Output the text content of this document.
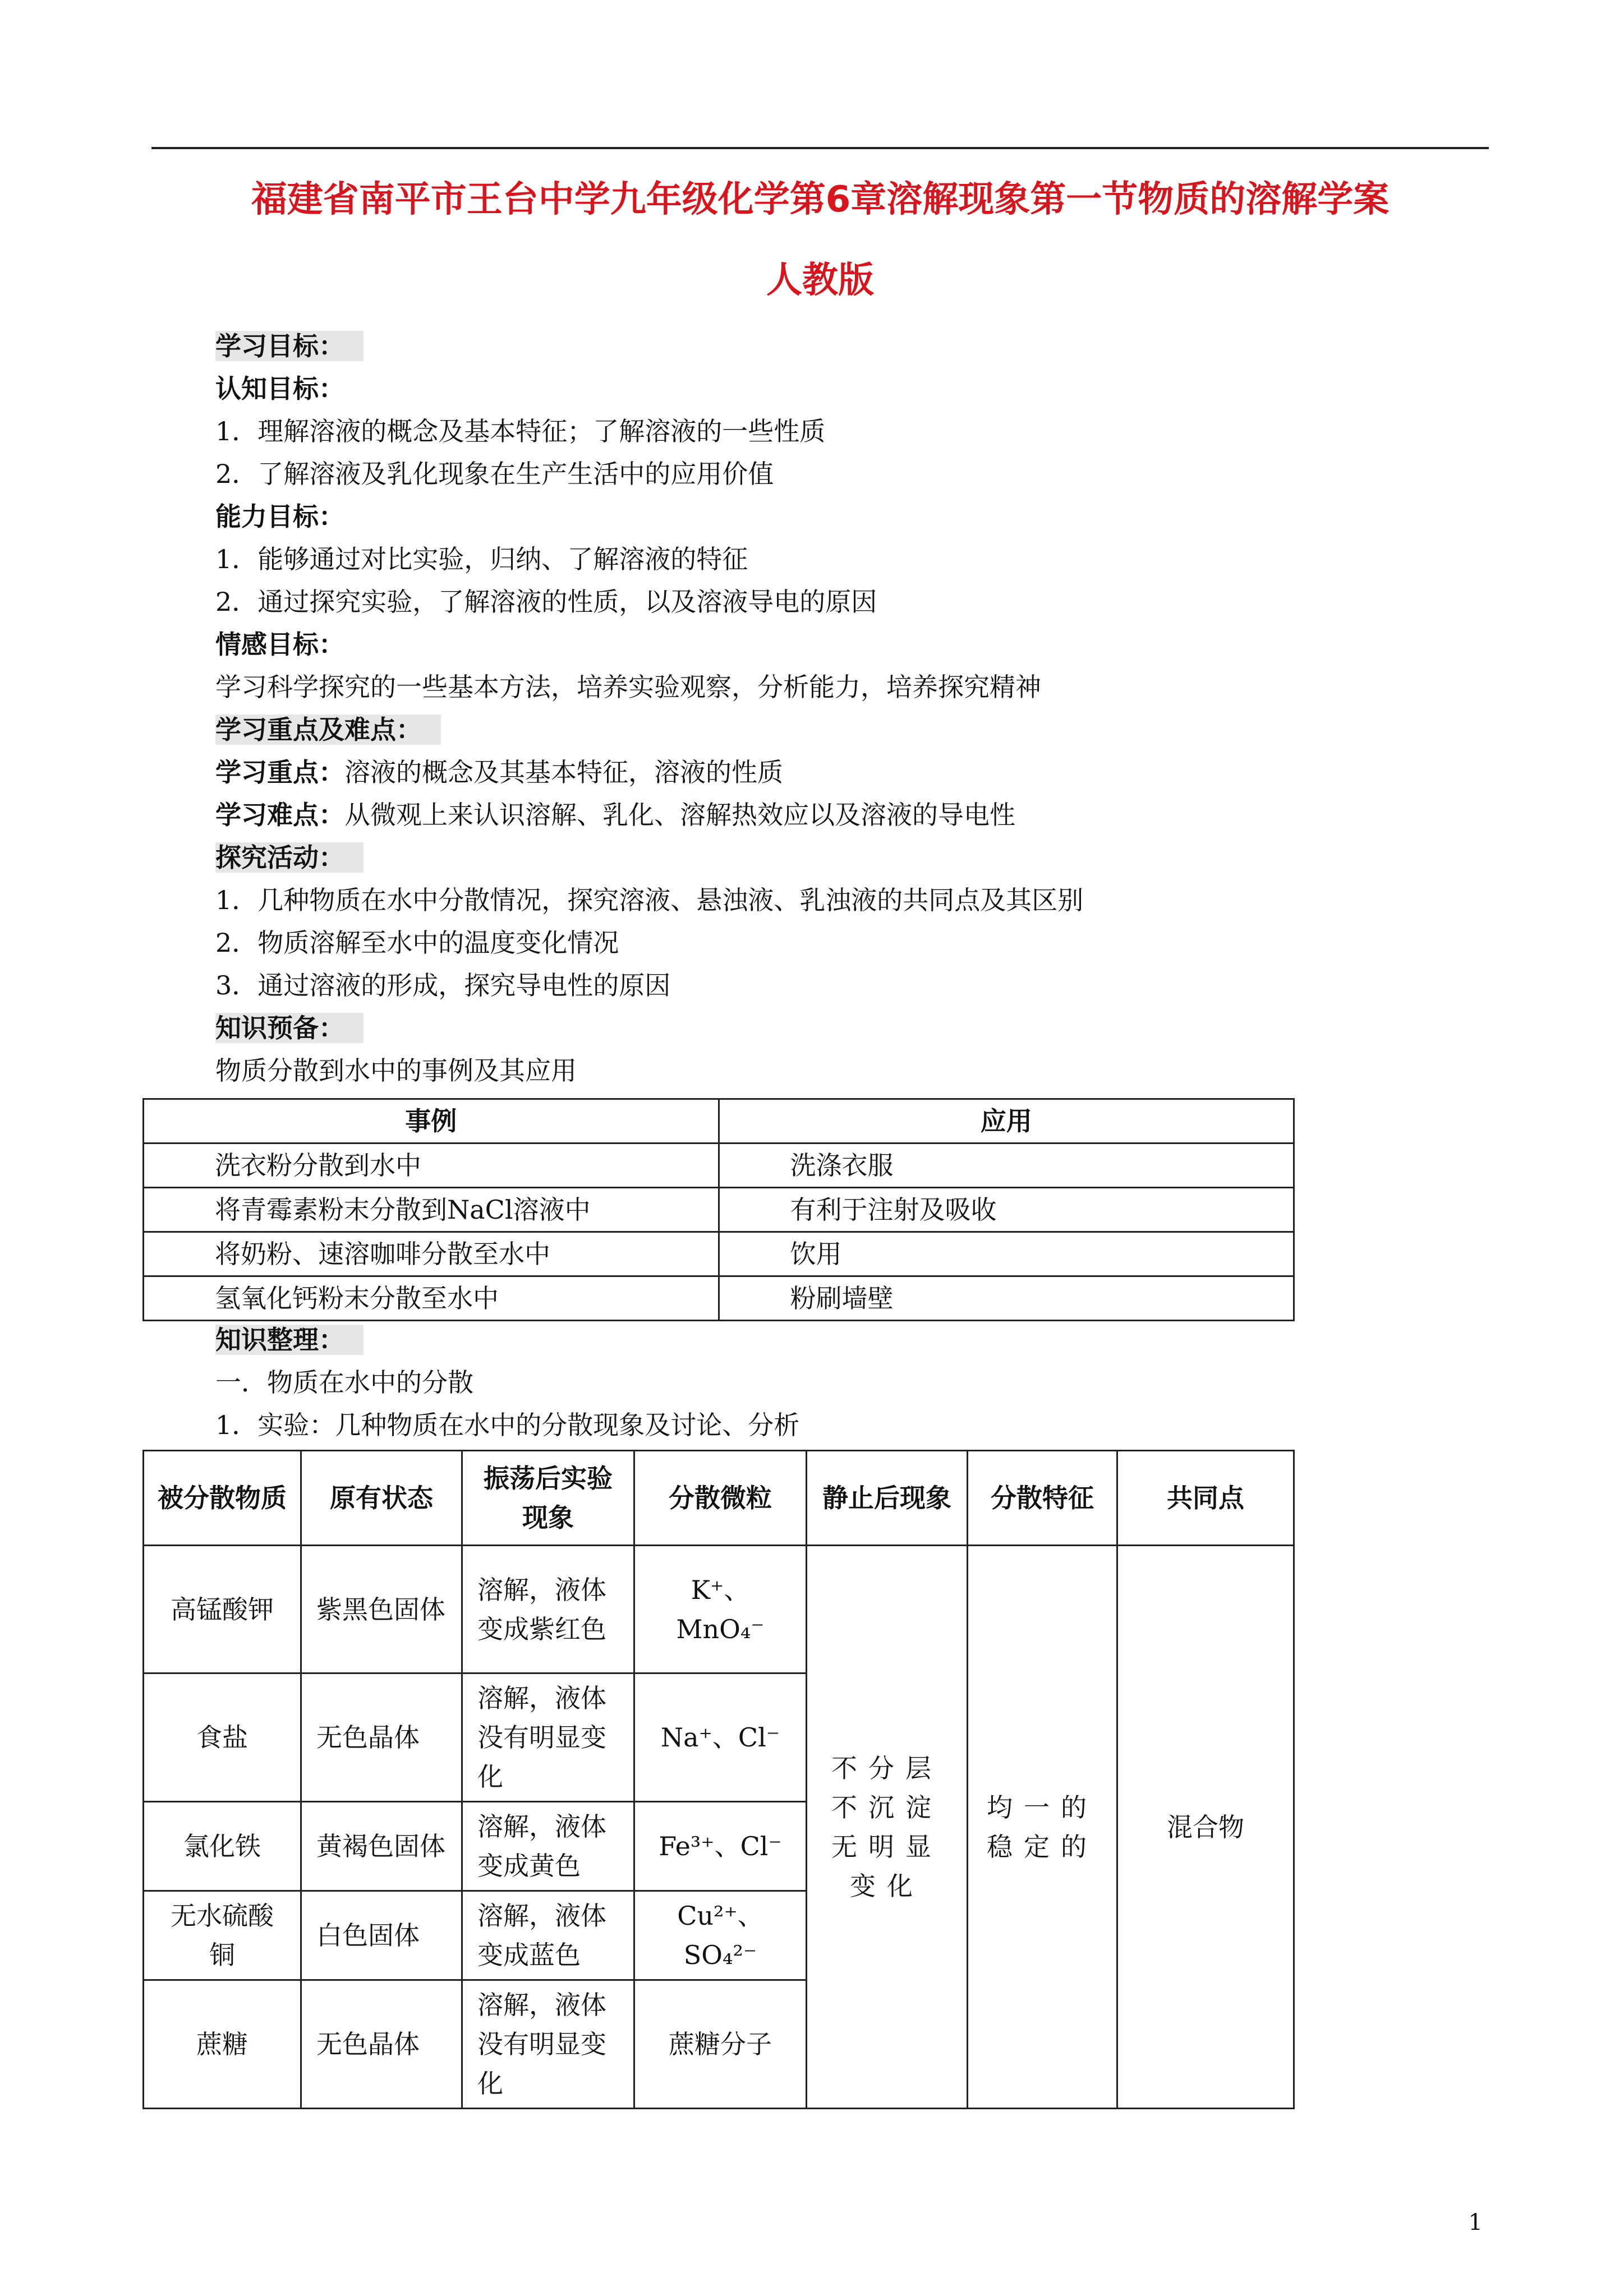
福建省南平市王台中学九年级化学第6章溶解现象第一节物质的溶解学案
人教版
学习目标：
认知目标：
1．理解溶液的概念及基本特征；了解溶液的一些性质
2．了解溶液及乳化现象在生产生活中的应用价值
能力目标：
1．能够通过对比实验，归纳、了解溶液的特征
2．通过探究实验，了解溶液的性质，以及溶液导电的原因
情感目标：
学习科学探究的一些基本方法，培养实验观察，分析能力，培养探究精神
学习重点及难点：
学习重点：溶液的概念及其基本特征，溶液的性质
学习难点：从微观上来认识溶解、乳化、溶解热效应以及溶液的导电性
探究活动：
1．几种物质在水中分散情况，探究溶液、悬浊液、乳浊液的共同点及其区别
2．物质溶解至水中的温度变化情况
3．通过溶液的形成，探究导电性的原因
知识预备：
物质分散到水中的事例及其应用
事例	应用
洗衣粉分散到水中	洗涤衣服
将青霉素粉末分散到NaCl溶液中	有利于注射及吸收
将奶粉、速溶咖啡分散至水中	饮用
氢氧化钙粉末分散至水中	粉刷墙壁
知识整理：
一．物质在水中的分散
1．实验：几种物质在水中的分散现象及讨论、分析
被分散物质	原有状态	振荡后实验现象	分散微粒	静止后现象	分散特征	共同点
高锰酸钾	紫黑色固体	溶解，液体变成紫红色	K⁺、MnO₄⁻	不分层不沉淀无明显变化	均一的稳定的	混合物
食盐	无色晶体	溶解，液体没有明显变化	Na⁺、Cl⁻			
氯化铁	黄褐色固体	溶解，液体变成黄色	Fe³⁺、Cl⁻			
无水硫酸铜	白色固体	溶解，液体变成蓝色	Cu²⁺、SO₄²⁻			
蔗糖	无色晶体	溶解，液体没有明显变化	蔗糖分子			
1
